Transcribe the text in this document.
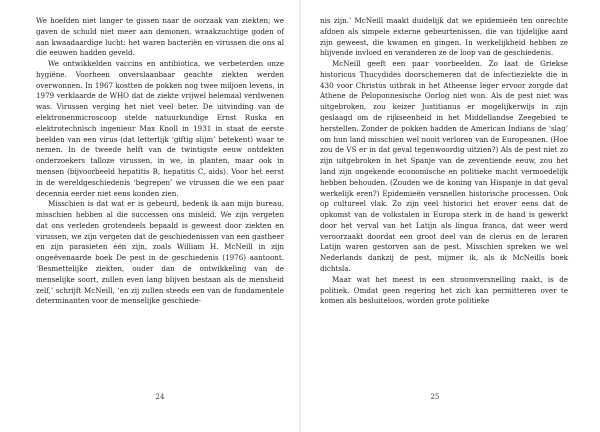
We hoefden niet langer te gissen naar de oorzaak van ziekten; we gaven de schuld niet meer aan demonen, wraakzuchtige goden of aan kwaadaardige lucht: het waren bacteriën en virussen die ons al die eeuwen hadden geveld.

We ontwikkelden vaccins en antibiotica, we verbeterden onze hygiëne. Voorheen onverslaanbaar geachte ziekten werden overwonnen. In 1967 kostten de pokken nog twee miljoen levens, in 1979 verklaarde de WHO dat de ziekte vrijwel helemaal verdwenen was. Virussen verging het niet veel beter. De uitvinding van de elektronenmicroscoop stelde natuurkundige Ernst Ruska en elektrotechnisch ingenieur Max Knoll in 1931 in staat de eerste beelden van een virus (dat letterlijk ‘giftig slijm’ betekent) waar te nemen. In de tweede helft van de twintigste eeuw ontdekten onderzoekers talloze virussen, in we, in planten, maar ook in mensen (bijvoorbeeld hepatitis B, hepatitis C, aids). Voor het eerst in de wereldgeschiedenis ‘begrepen’ we virussen die we een paar decennia eerder niet eens konden zien.

Misschien is dat wat er is gebeurd, bedenk ik aan mijn bureau, misschien hebben al die successen ons misleid. We zijn vergeten dat ons verleden grotendeels bepaald is geweest door ziekten en virussen, we zijn vergeten dat de geschiedenissen van een gastheer en zijn parasieten één zijn, zoals William H. McNeill in zijn ongeëvenaarde boek De pest in de geschiedenis (1976) aantoont. ‘Besmettelijke ziekten, ouder dan de ontwikkeling van de menselijke soort, zullen even lang blijven bestaan als de mensheid zelf,’ schrijft McNeill, ‘en zij zullen steeds een van de fundamentele determinanten voor de menselijke geschiede-

24

nis zijn.’ McNeill maakt duidelijk dat we epidemieën ten onrechte afdoen als simpele externe gebeurtenissen, die van tijdelijke aard zijn geweest, die kwamen en gingen. In werkelijkheid hebben ze blijvende invloed en veranderen ze de loop van de geschiedenis.

McNeill geeft een paar voorbeelden. Zo laat de Griekse historicus Thucydides doorschemeren dat de infectieziekte die in 430 voor Christus uitbrak in het Atheense leger ervoor zorgde dat Athene de Peloponnesische Oorlog niet won. Als de pest niet was uitgebroken, zou keizer Justitianus er mogelijkerwijs in zijn geslaagd om de rijkseenheid in het Middellandse Zeegebied te herstellen. Zonder de pokken hadden de American Indians de ‘slag’ om hun land misschien wel nooit verloren van de Europeanen. (Hoe zou de VS er in dat geval tegenwoordig uitzien?) Als de pest niet zo zijn uitgebroken in het Spanje van de zeventiende eeuw, zou het land zijn ongekende economische en politieke macht vermoedelijk hebben behouden. (Zouden we de koning van Hispanje in dat geval werkelijk eren?) Epidemieën versnellen historische processen. Ook op cultureel vlak. Zo zijn veel historici het erover eens dat de opkomst van de volkstalen in Europa sterk in de hand is gewerkt door het verval van het Latijn als lingua franca, dat weer werd veroorzaakt doordat een groot deel van de clerus en de leraren Latijn waren gestorven aan de pest. Misschien spreken we wel Nederlands dankzij de pest, mijmer ik, als ik McNeills boek dichtsla.

Maar wat het meest in een stroomversnelling raakt, is de politiek. Omdat geen regering het zich kan permitteren over te komen als besluiteloos, worden grote politieke

25
